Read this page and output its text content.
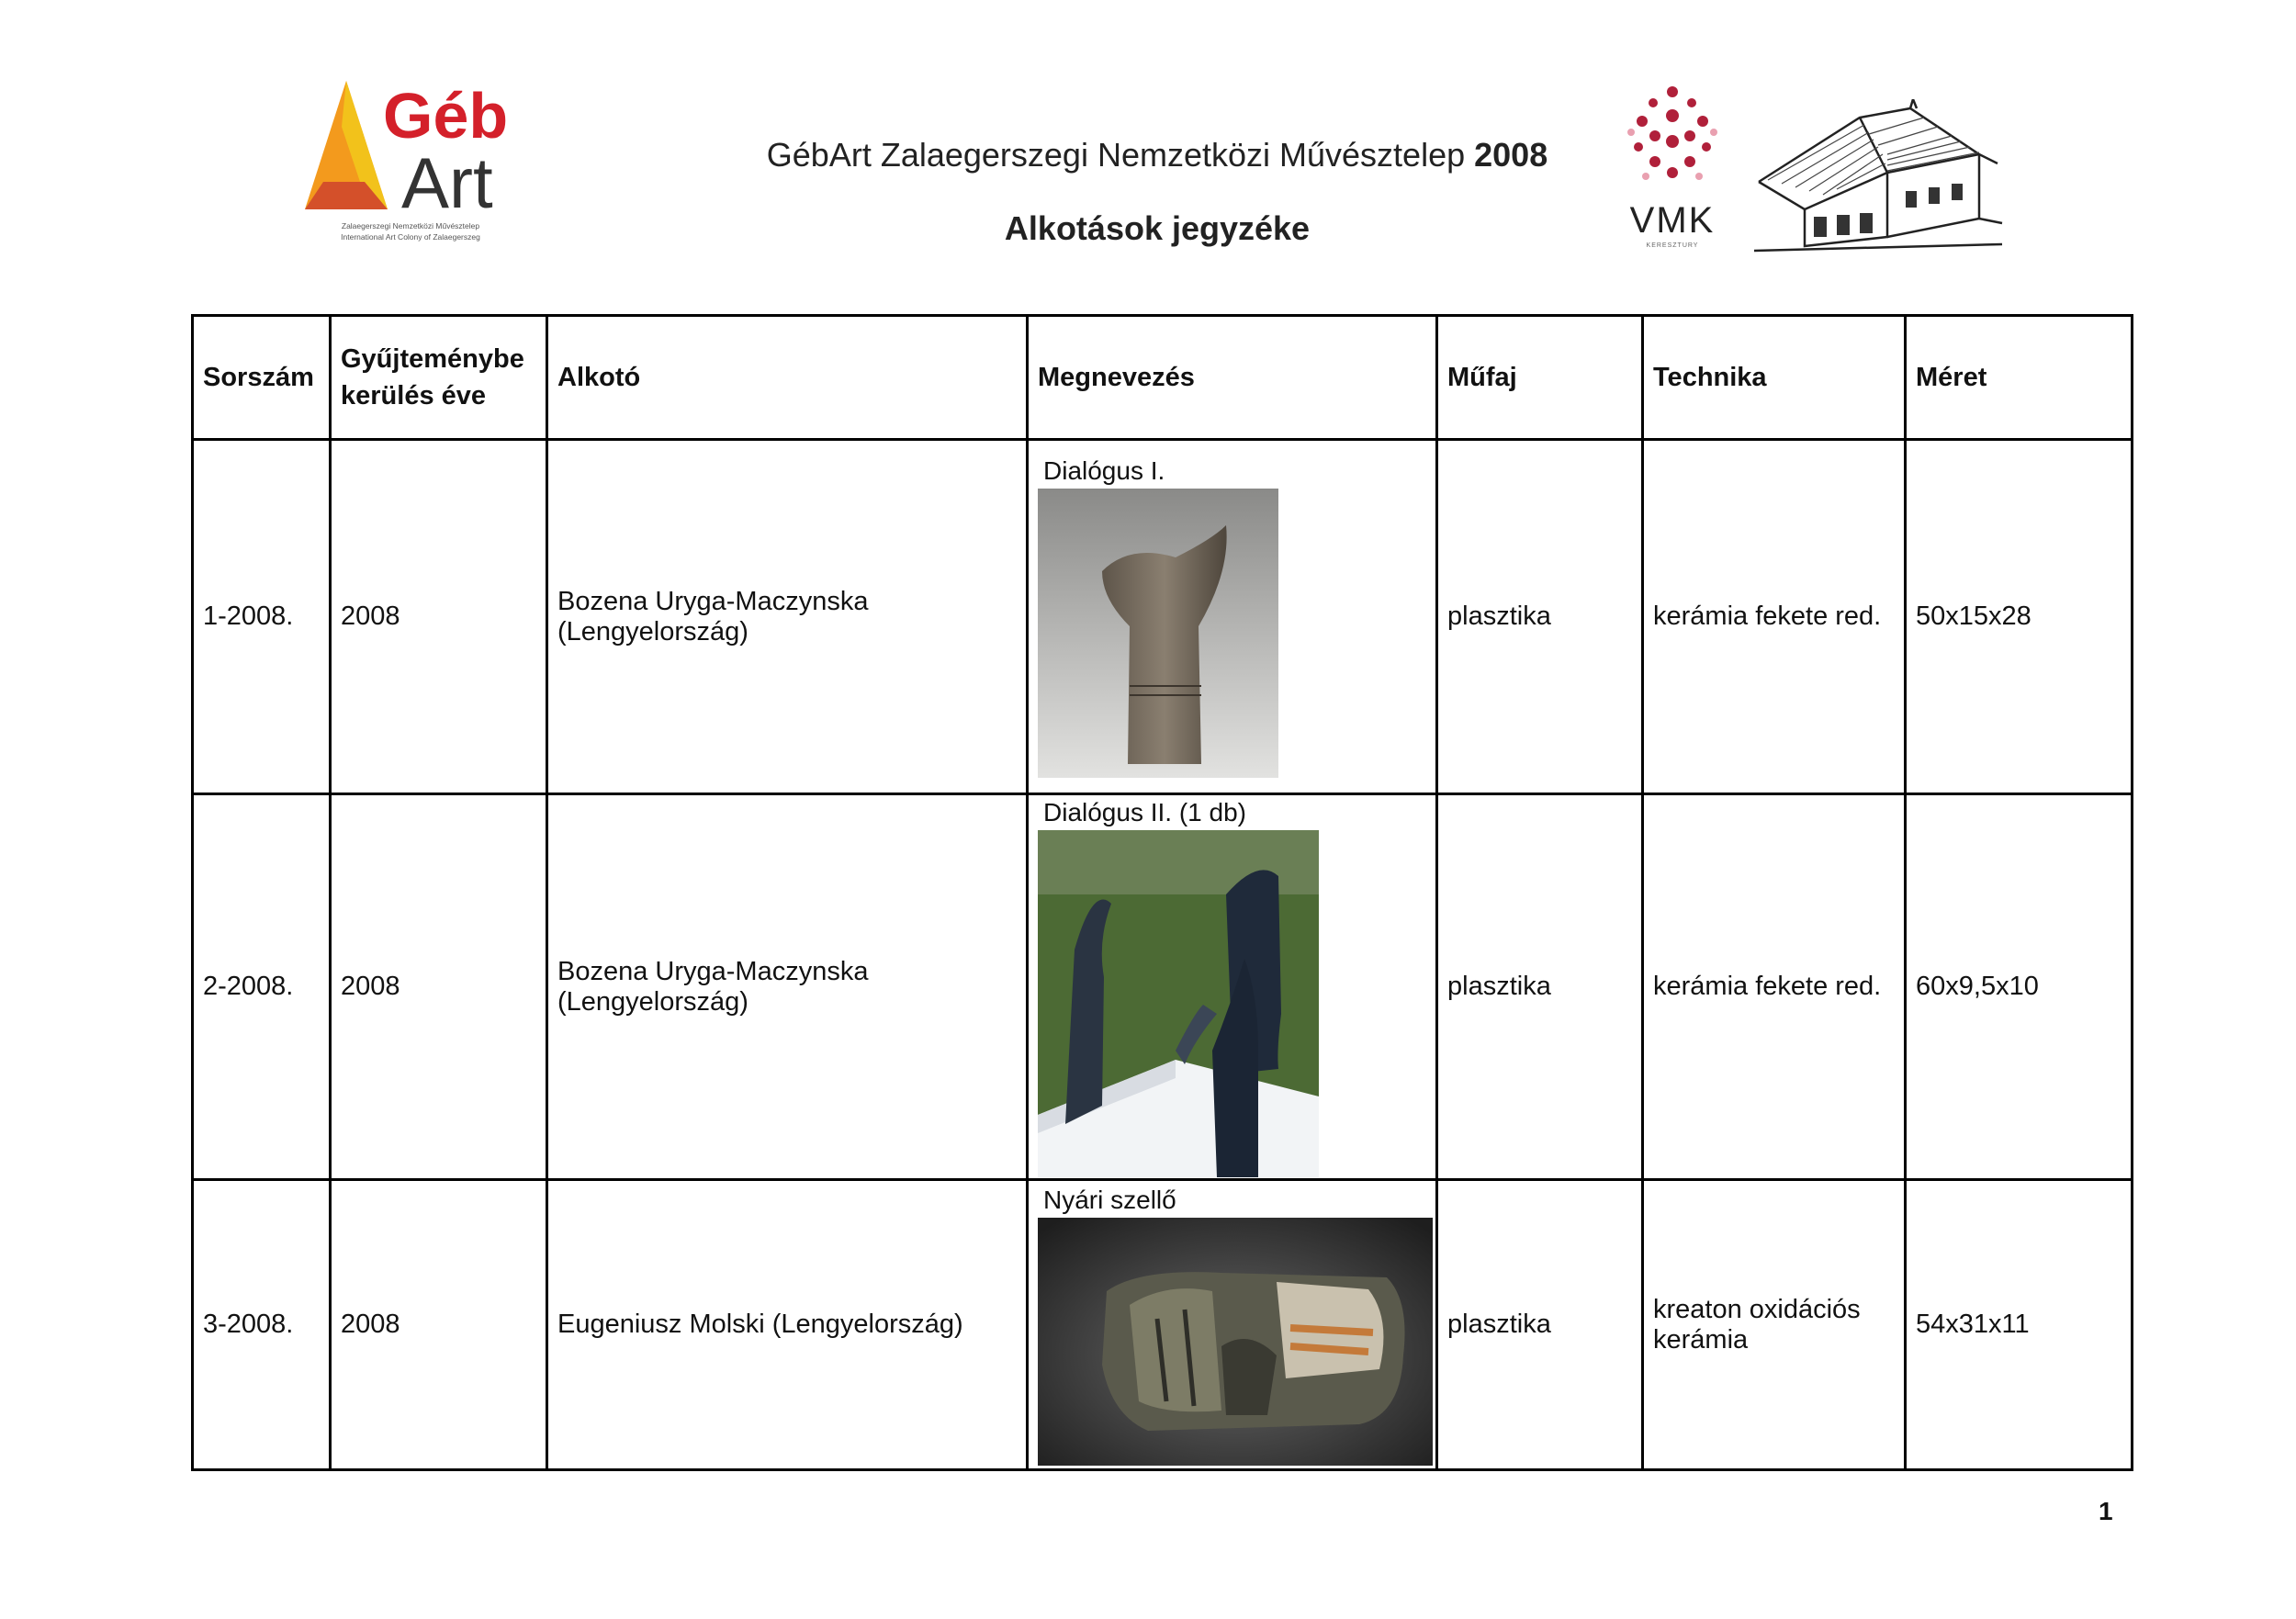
Géb
Art
Zalaegerszegi Nemzetközi Művésztelep
International Art Colony of Zalaegerszeg
GébArt Zalaegerszegi Nemzetközi Művésztelep 2008
Alkotások jegyzéke	VMK
KERESZTURY
Sorszám	Gyűjteménybe kerülés éve	Alkotó	Megnevezés	Műfaj	Technika	Méret
1-2008.	2008	Bozena Uryga-Maczynska (Lengyelország)	Dialógus I.	plasztika	kerámia fekete red.	50x15x28
2-2008.	2008	Bozena Uryga-Maczynska (Lengyelország)	Dialógus II. (1 db)	plasztika	kerámia fekete red.	60x9,5x10
3-2008.	2008	Eugeniusz Molski (Lengyelország)	Nyári szellő	plasztika	kreaton oxidációs kerámia	54x31x11
1
